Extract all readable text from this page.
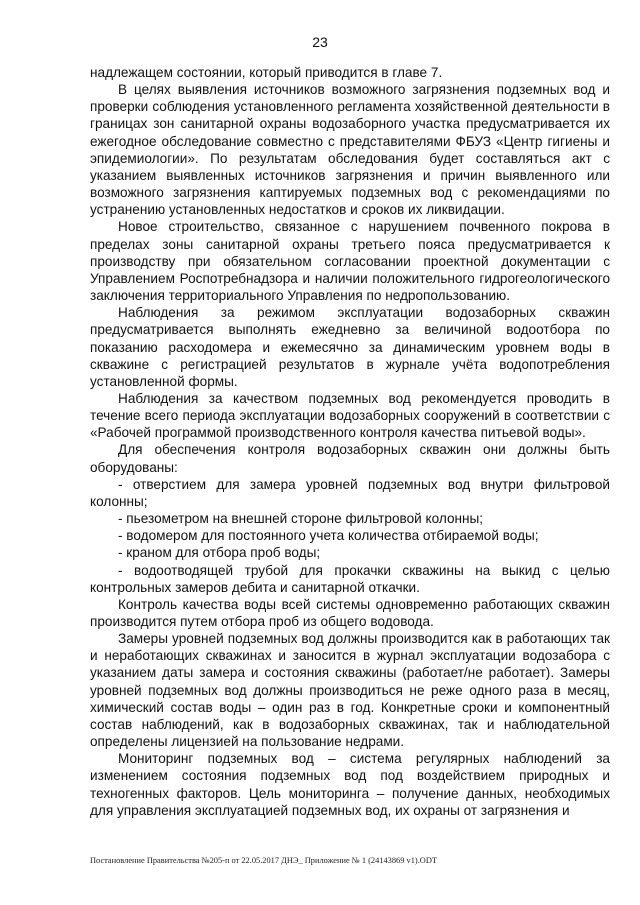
23

надлежащем состоянии, который приводится в главе 7.

В целях выявления источников возможного загрязнения подземных вод и проверки соблюдения установленного регламента хозяйственной деятельности в границах зон санитарной охраны водозаборного участка предусматривается их ежегодное обследование совместно с представителями ФБУЗ «Центр гигиены и эпидемиологии». По результатам обследования будет составляться акт с указанием выявленных источников загрязнения и причин выявленного или возможного загрязнения каптируемых подземных вод с рекомендациями по устранению установленных недостатков и сроков их ликвидации.

Новое строительство, связанное с нарушением почвенного покрова в пределах зоны санитарной охраны третьего пояса предусматривается к производству при обязательном согласовании проектной документации с Управлением Роспотребнадзора и наличии положительного гидрогеологического заключения территориального Управления по недропользованию.

Наблюдения за режимом эксплуатации водозаборных скважин предусматривается выполнять ежедневно за величиной водоотбора по показанию расходомера и ежемесячно за динамическим уровнем воды в скважине с регистрацией результатов в журнале учёта водопотребления установленной формы.

Наблюдения за качеством подземных вод рекомендуется проводить в течение всего периода эксплуатации водозаборных сооружений в соответствии с «Рабочей программой производственного контроля качества питьевой воды».

Для обеспечения контроля водозаборных скважин они должны быть оборудованы:

- отверстием для замера уровней подземных вод внутри фильтровой колонны;

- пьезометром на внешней стороне фильтровой колонны;

- водомером для постоянного учета количества отбираемой воды;

- краном для отбора проб воды;

- водоотводящей трубой для прокачки скважины на выкид с целью контрольных замеров дебита и санитарной откачки.

Контроль качества воды всей системы одновременно работающих скважин производится путем отбора проб из общего водовода.

Замеры уровней подземных вод должны производится как в работающих так и неработающих скважинах и заносится в журнал эксплуатации водозабора с указанием даты замера и состояния скважины (работает/не работает). Замеры уровней подземных вод должны производиться не реже одного раза в месяц, химический состав воды – один раз в год. Конкретные сроки и компонентный состав наблюдений, как в водозаборных скважинах, так и наблюдательной определены лицензией на пользование недрами.

Мониторинг подземных вод – система регулярных наблюдений за изменением состояния подземных вод под воздействием природных и техногенных факторов. Цель мониторинга – получение данных, необходимых для управления эксплуатацией подземных вод, их охраны от загрязнения и

Постановление Правительства №205-п от 22.05.2017 ДНЭ_ Приложение № 1 (24143869 v1).ODT
